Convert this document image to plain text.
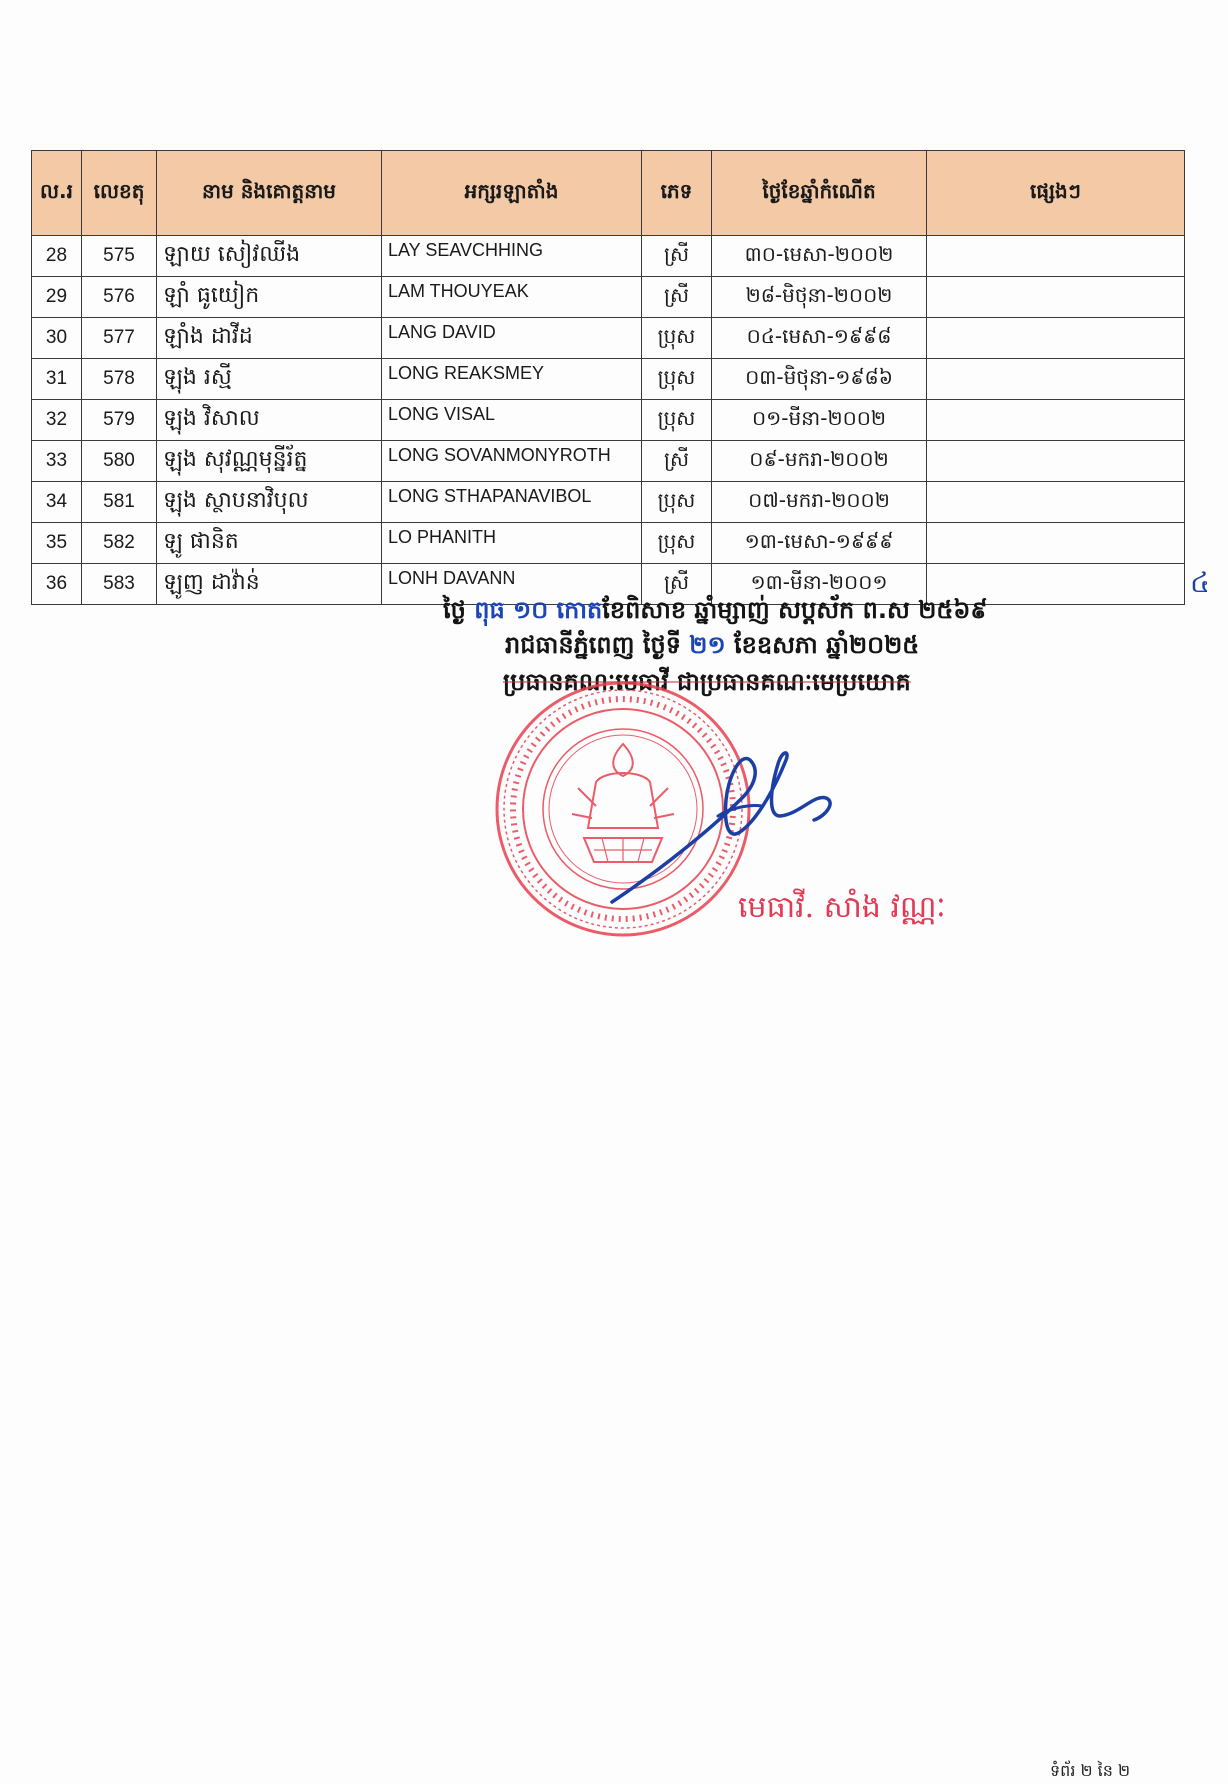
ល.រ	លេខតុ	នាម និងគោត្តនាម	អក្សរឡាតាំង	ភេទ	ថ្ងៃខែឆ្នាំកំណើត	ផ្សេងៗ
28	575	ឡាយ សៀវឈីង	LAY SEAVCHHING	ស្រី	៣០-មេសា-២០០២	
29	576	ឡាំ ធូយៀក	LAM THOUYEAK	ស្រី	២៨-មិថុនា-២០០២	
30	577	ឡាំង ដាវីដ	LANG DAVID	ប្រុស	០៤-មេសា-១៩៩៨	
31	578	ឡុង រស្មី	LONG REAKSMEY	ប្រុស	០៣-មិថុនា-១៩៨៦	
32	579	ឡុង វិសាល	LONG VISAL	ប្រុស	០១-មីនា-២០០២	
33	580	ឡុង សុវណ្ណមុន្នីរ័ត្ន	LONG SOVANMONYROTH	ស្រី	០៩-មករា-២០០២	
34	581	ឡុង ស្ថាបនាវិបុល	LONG STHAPANAVIBOL	ប្រុស	០៧-មករា-២០០២	
35	582	ឡូ ផានិត	LO PHANITH	ប្រុស	១៣-មេសា-១៩៩៩	
36	583	ឡូញ ដាវ៉ាន់	LONH DAVANN	ស្រី	១៣-មីនា-២០០១		៤
ថ្ងៃ ពុធ ១០ កោតខែពិសាខ ឆ្នាំម្សាញ់ សប្តស័ក ព.ស ២៥៦៩
រាជធានីភ្នំពេញ ថ្ងៃទី ២១ ខែឧសភា ឆ្នាំ២០២៥
ប្រធានគណៈមេធាវី ជាប្រធានគណៈមេប្រយោគ
មេធាវី. សាំង វណ្ណៈ
ទំព័រ ២ នៃ ២
